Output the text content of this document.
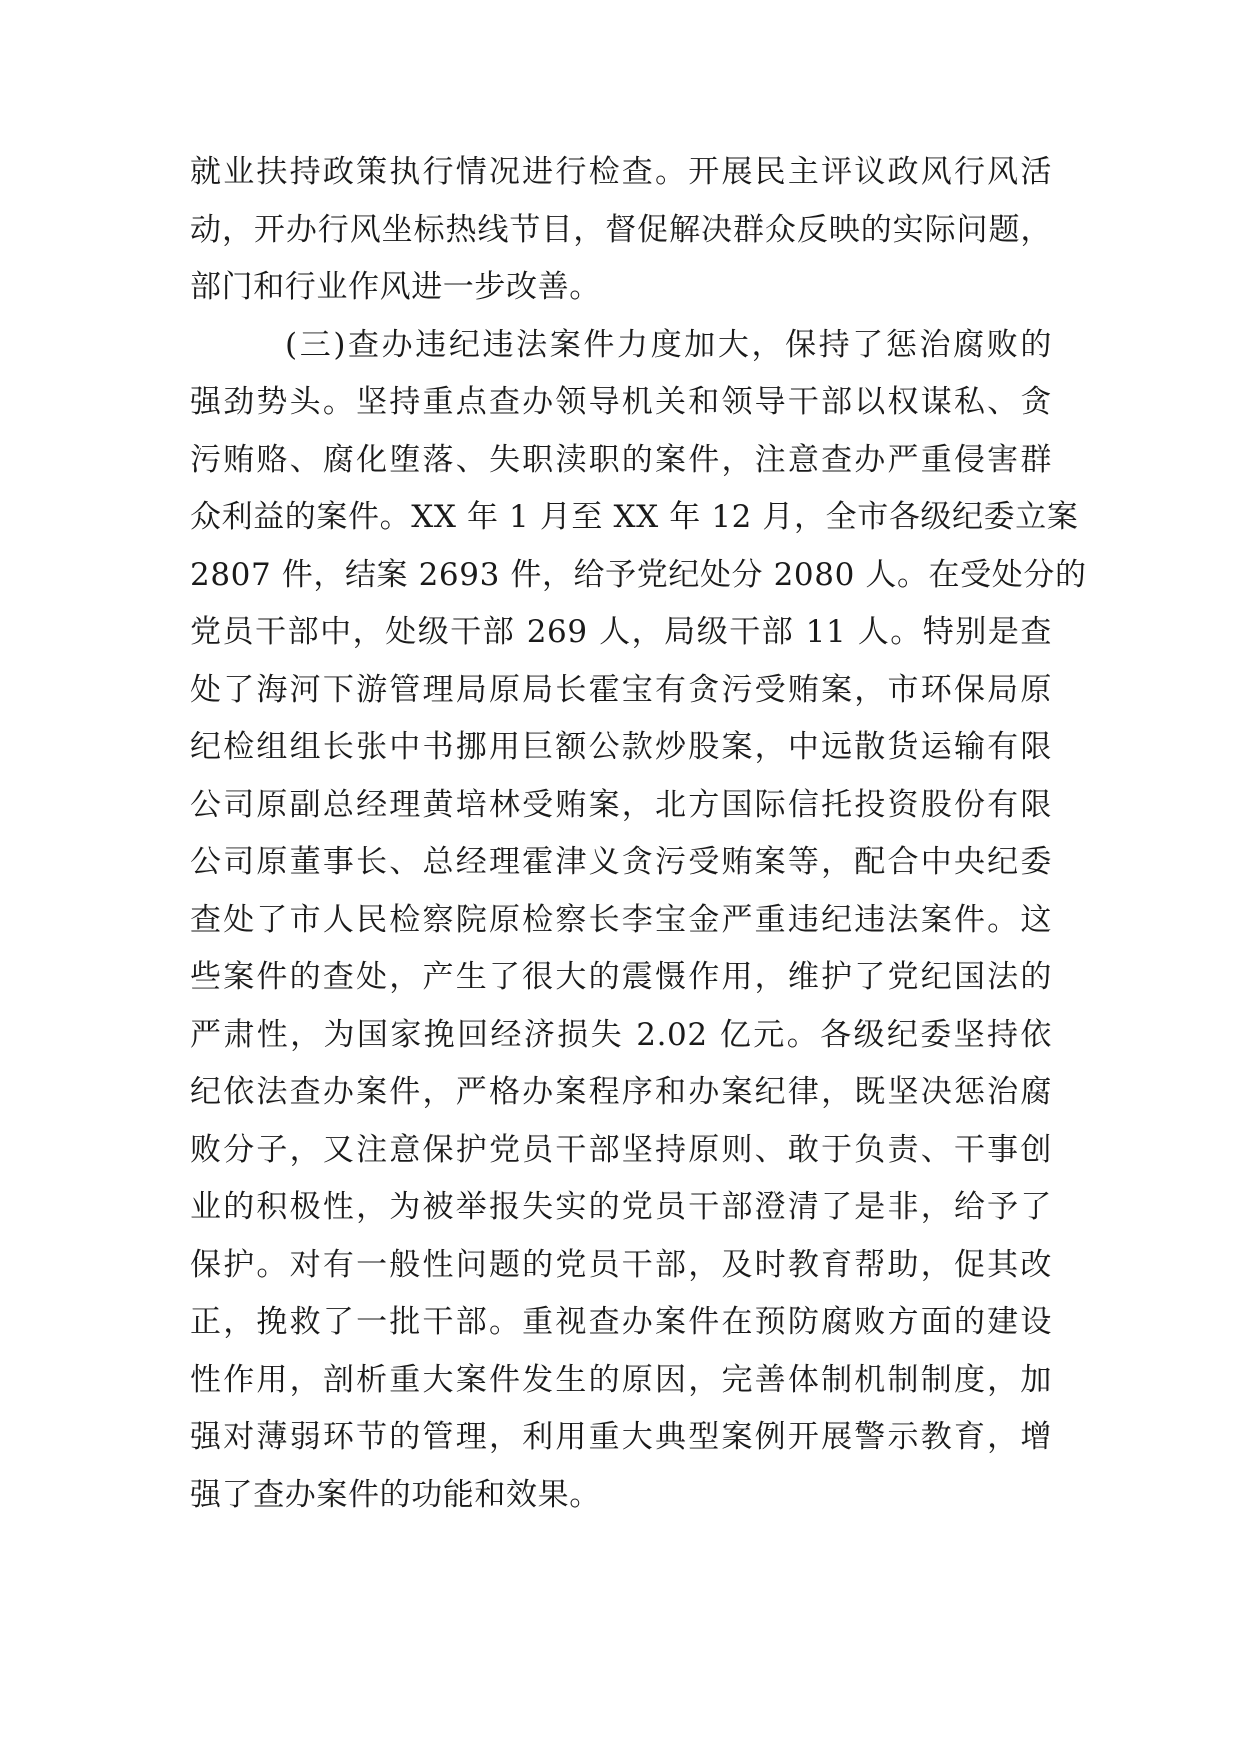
就业扶持政策执行情况进行检查。开展民主评议政风行风活
动，开办行风坐标热线节目，督促解决群众反映的实际问题，
部门和行业作风进一步改善。
(三)查办违纪违法案件力度加大，保持了惩治腐败的
强劲势头。坚持重点查办领导机关和领导干部以权谋私、贪
污贿赂、腐化堕落、失职渎职的案件，注意查办严重侵害群
众利益的案件。XX 年 1 月至 XX 年 12 月，全市各级纪委立案
2807 件，结案 2693 件，给予党纪处分 2080 人。在受处分的
党员干部中，处级干部 269 人，局级干部 11 人。特别是查
处了海河下游管理局原局长霍宝有贪污受贿案，市环保局原
纪检组组长张中书挪用巨额公款炒股案，中远散货运输有限
公司原副总经理黄培林受贿案，北方国际信托投资股份有限
公司原董事长、总经理霍津义贪污受贿案等，配合中央纪委
查处了市人民检察院原检察长李宝金严重违纪违法案件。这
些案件的查处，产生了很大的震慑作用，维护了党纪国法的
严肃性，为国家挽回经济损失 2.02 亿元。各级纪委坚持依
纪依法查办案件，严格办案程序和办案纪律，既坚决惩治腐
败分子，又注意保护党员干部坚持原则、敢于负责、干事创
业的积极性，为被举报失实的党员干部澄清了是非，给予了
保护。对有一般性问题的党员干部，及时教育帮助，促其改
正，挽救了一批干部。重视查办案件在预防腐败方面的建设
性作用，剖析重大案件发生的原因，完善体制机制制度，加
强对薄弱环节的管理，利用重大典型案例开展警示教育，增
强了查办案件的功能和效果。
